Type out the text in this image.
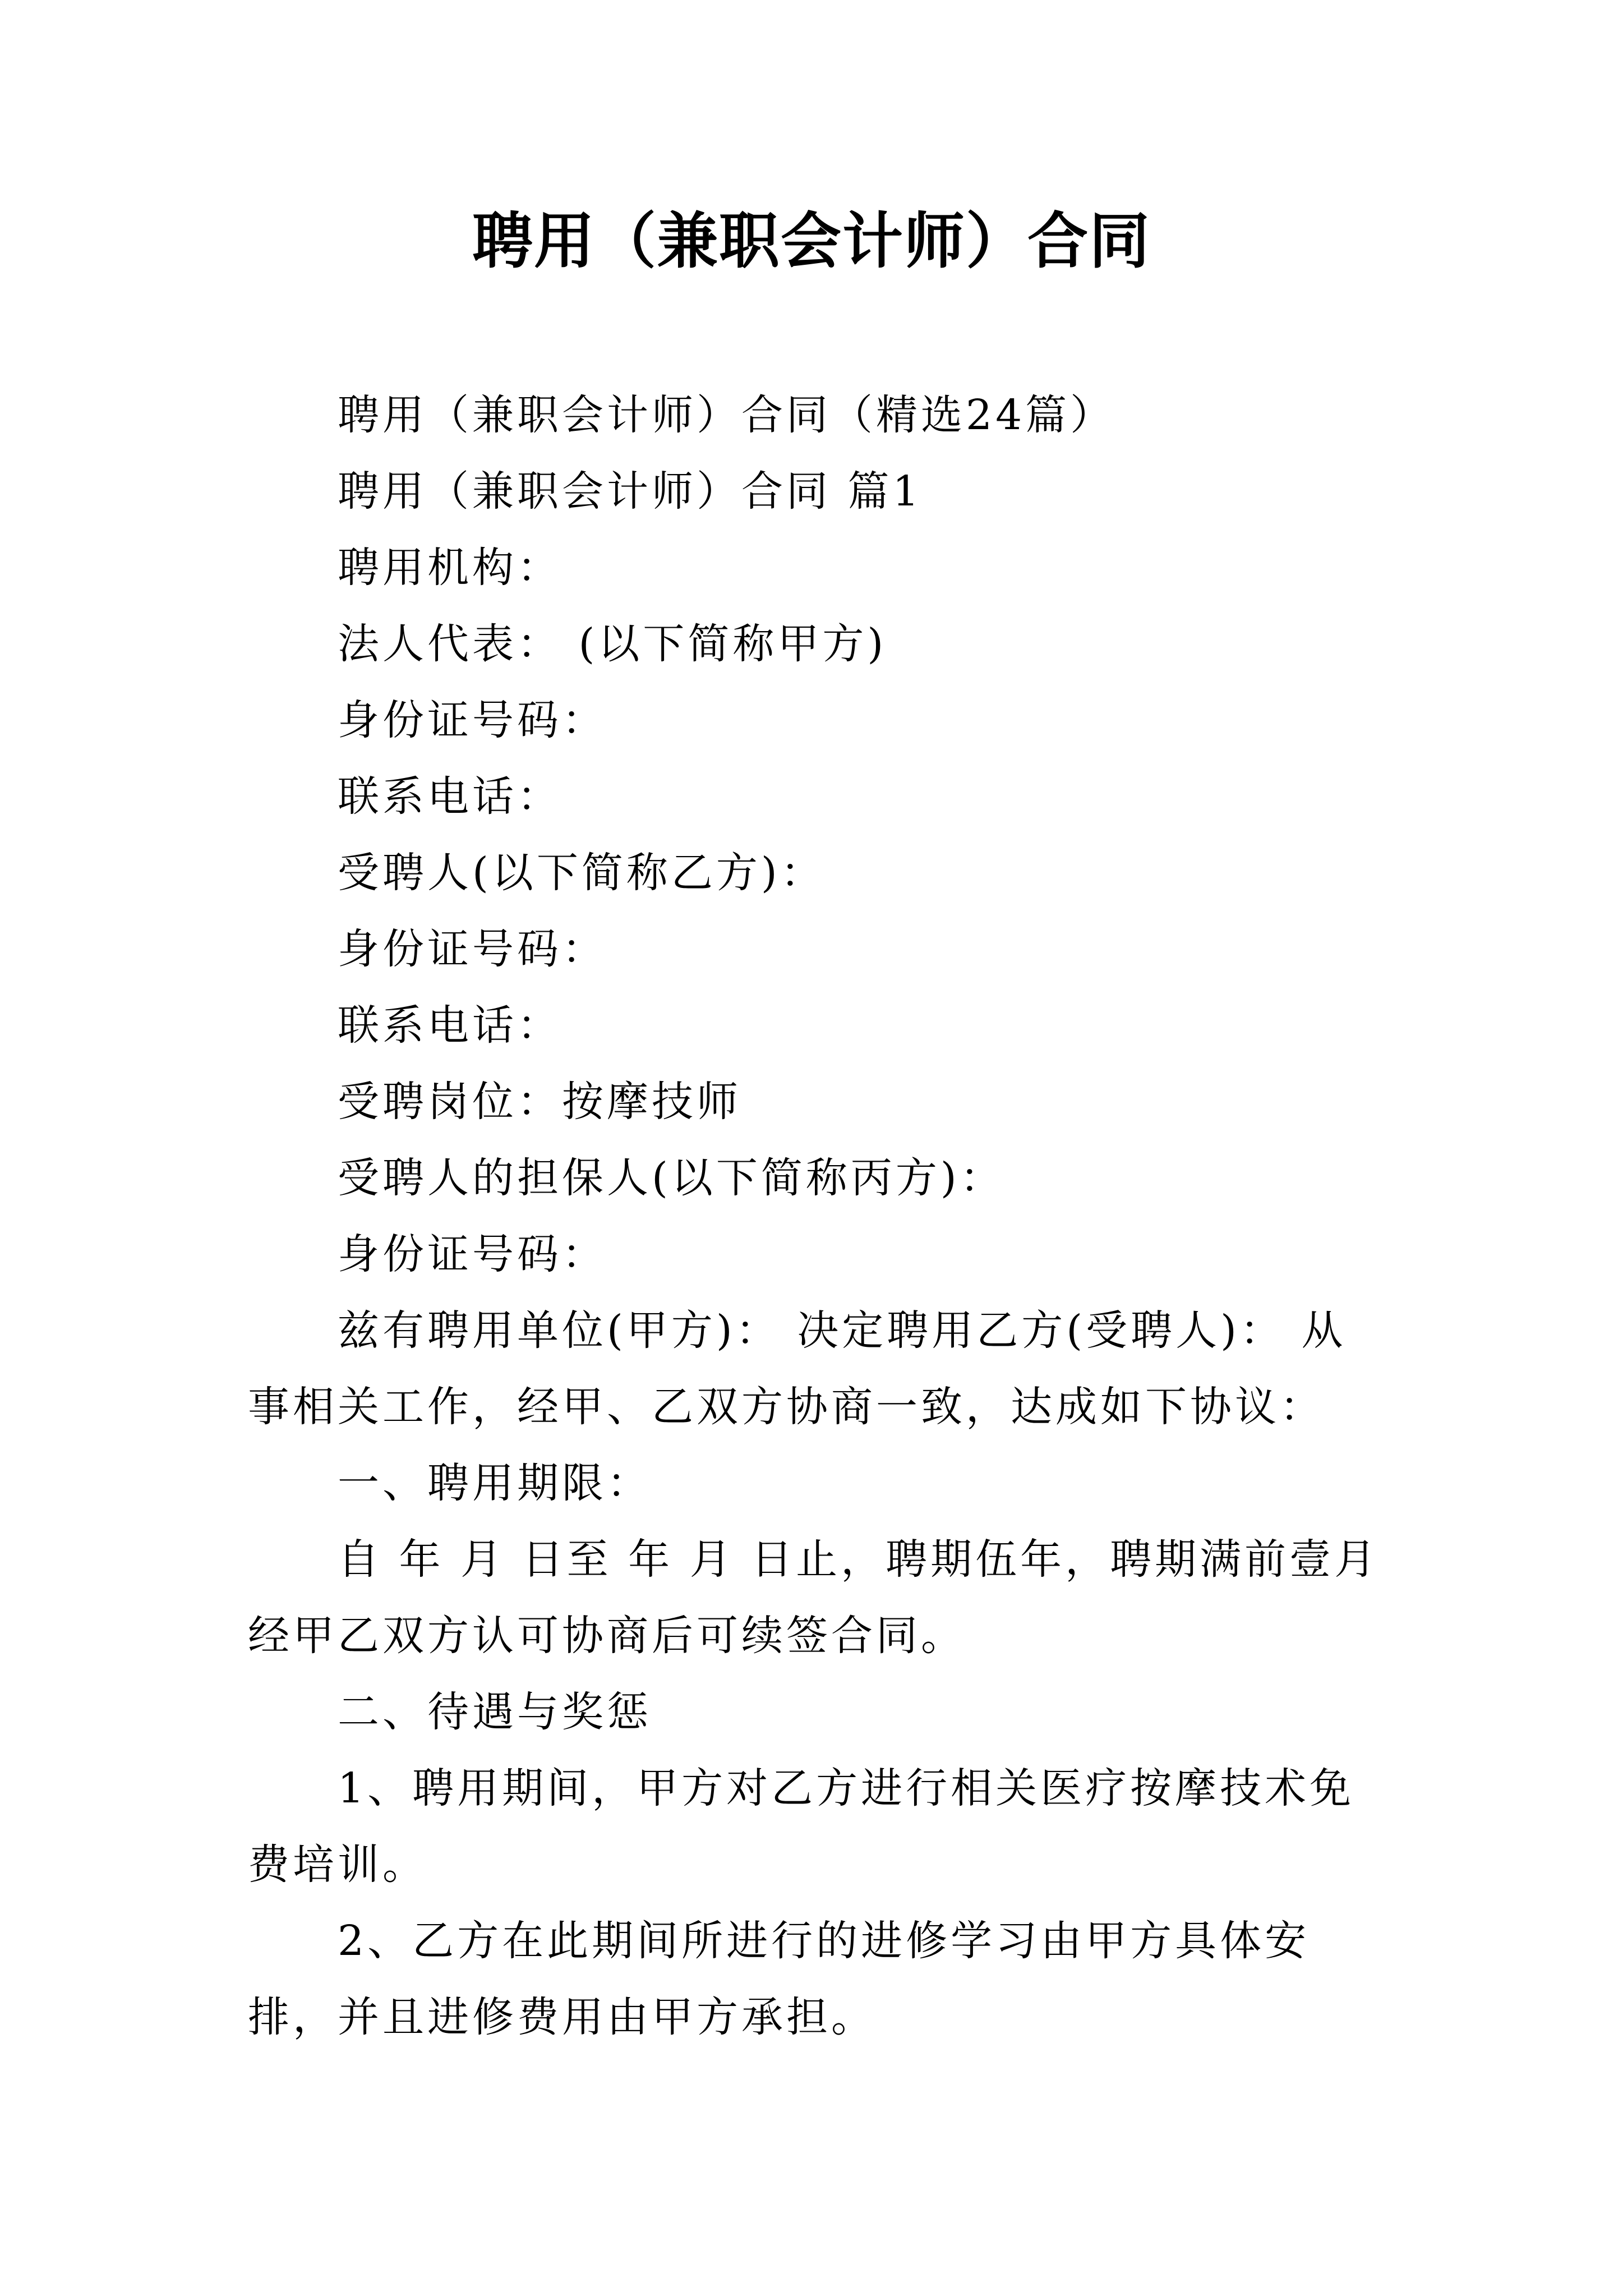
聘用（兼职会计师）合同

聘用（兼职会计师）合同（精选24篇）

聘用（兼职会计师）合同 篇1

聘用机构：

法人代表： (以下简称甲方)

身份证号码：

联系电话：

受聘人(以下简称乙方)：

身份证号码：

联系电话：

受聘岗位：按摩技师

受聘人的担保人(以下简称丙方)：

身份证号码：

兹有聘用单位(甲方)： 决定聘用乙方(受聘人)： 从事相关工作，经甲、乙双方协商一致，达成如下协议：

一、聘用期限：

自 年 月 日至 年 月 日止，聘期伍年，聘期满前壹月经甲乙双方认可协商后可续签合同。

二、待遇与奖惩

1、聘用期间，甲方对乙方进行相关医疗按摩技术免费培训。

2、乙方在此期间所进行的进修学习由甲方具体安排，并且进修费用由甲方承担。
